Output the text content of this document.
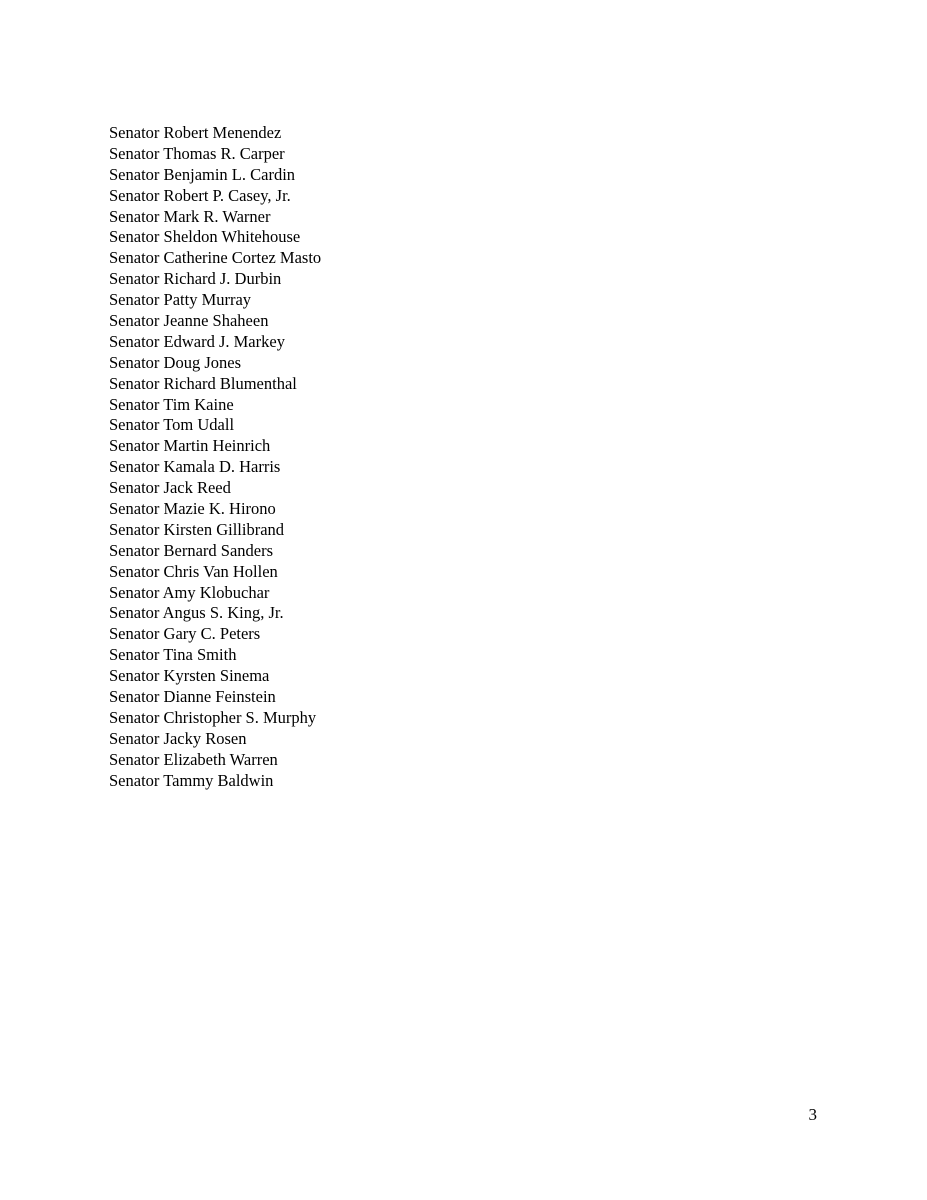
Senator Robert Menendez
Senator Thomas R. Carper
Senator Benjamin L. Cardin
Senator Robert P. Casey, Jr.
Senator Mark R. Warner
Senator Sheldon Whitehouse
Senator Catherine Cortez Masto
Senator Richard J. Durbin
Senator Patty Murray
Senator Jeanne Shaheen
Senator Edward J. Markey
Senator Doug Jones
Senator Richard Blumenthal
Senator Tim Kaine
Senator Tom Udall
Senator Martin Heinrich
Senator Kamala D. Harris
Senator Jack Reed
Senator Mazie K. Hirono
Senator Kirsten Gillibrand
Senator Bernard Sanders
Senator Chris Van Hollen
Senator Amy Klobuchar
Senator Angus S. King, Jr.
Senator Gary C. Peters
Senator Tina Smith
Senator Kyrsten Sinema
Senator Dianne Feinstein
Senator Christopher S. Murphy
Senator Jacky Rosen
Senator Elizabeth Warren
Senator Tammy Baldwin

3
